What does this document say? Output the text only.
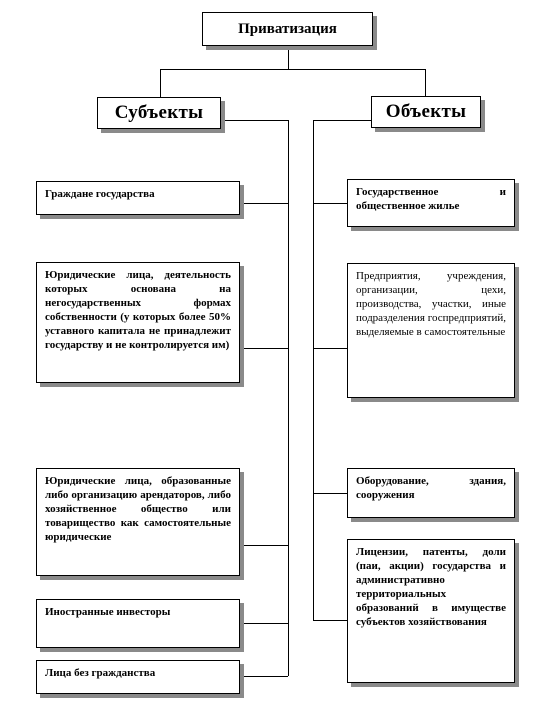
Приватизация
Субъекты	Объекты
Граждане государства
Юридические лица, деятельность которых основана на негосударственных формах собственности (у которых более 50% уставного капитала не принадлежит государству и не контролируется им)
Юридические лица, образованные либо организацию арендаторов, либо хозяйственное общество или товарищество как самостоятельные юридические
Иностранные инвесторы
Лица без гражданства
Государственное и общественное жилье
Предприятия, учреждения, организации, цехи, производства, участки, иные подразделения госпредприятий, выделяемые в самостоятельные
Оборудование, здания, сооружения
Лицензии, патенты, доли (паи, акции) государства и административно территориальных образований в имуществе субъектов хозяйствования
